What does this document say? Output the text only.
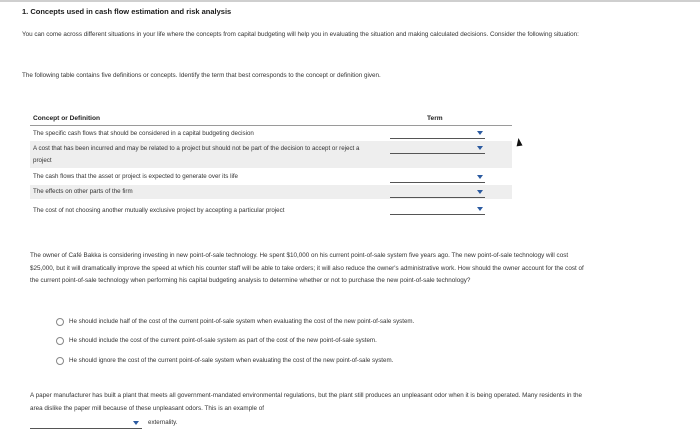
1. Concepts used in cash flow estimation and risk analysis
You can come across different situations in your life where the concepts from capital budgeting will help you in evaluating the situation and making calculated decisions. Consider the following situation:
The following table contains five definitions or concepts. Identify the term that best corresponds to the concept or definition given.
Concept or Definition	Term
The specific cash flows that should be considered in a capital budgeting decision
A cost that has been incurred and may be related to a project but should not be part of the decision to accept or reject a project
The cash flows that the asset or project is expected to generate over its life
The effects on other parts of the firm
The cost of not choosing another mutually exclusive project by accepting a particular project
The owner of Café Bakka is considering investing in new point-of-sale technology. He spent $10,000 on his current point-of-sale system five years ago. The new point-of-sale technology will cost $25,000, but it will dramatically improve the speed at which his counter staff will be able to take orders; it will also reduce the owner's administrative work. How should the owner account for the cost of the current point-of-sale technology when performing his capital budgeting analysis to determine whether or not to purchase the new point-of-sale technology?
He should include half of the cost of the current point-of-sale system when evaluating the cost of the new point-of-sale system.
He should include the cost of the current point-of-sale system as part of the cost of the new point-of-sale system.
He should ignore the cost of the current point-of-sale system when evaluating the cost of the new point-of-sale system.
A paper manufacturer has built a plant that meets all government-mandated environmental regulations, but the plant still produces an unpleasant odor when it is being operated. Many residents in the area dislike the paper mill because of these unpleasant odors. This is an example of
externality.
